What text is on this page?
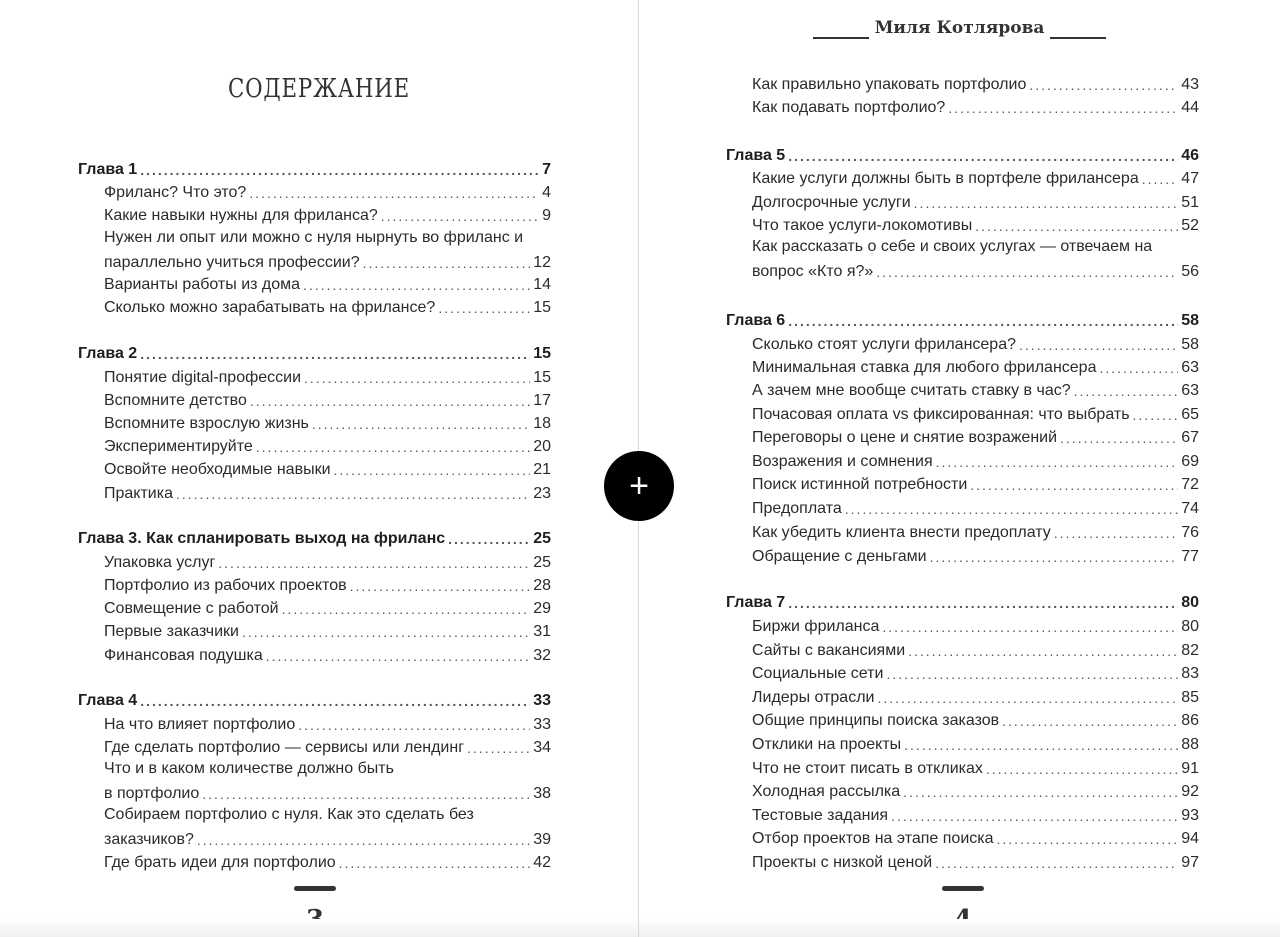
СОДЕРЖАНИЕ
Глава 1 .....	7
Фриланс? Что это? .....	4
Какие навыки нужны для фриланса? .....	9
Нужен ли опыт или можно с нуля нырнуть во фриланс и
параллельно учиться профессии? .....	12
Варианты работы из дома .....	14
Сколько можно зарабатывать на фрилансе? .....	15
Глава 2 .....	15
Понятие digital-профессии .....	15
Вспомните детство .....	17
Вспомните взрослую жизнь .....	18
Экспериментируйте .....	20
Освойте необходимые навыки .....	21
Практика .....	23
Глава 3. Как спланировать выход на фриланс .....	25
Упаковка услуг .....	25
Портфолио из рабочих проектов .....	28
Совмещение с работой .....	29
Первые заказчики .....	31
Финансовая подушка .....	32
Глава 4 .....	33
На что влияет портфолио .....	33
Где сделать портфолио — сервисы или лендинг .....	34
Что и в каком количестве должно быть
в портфолио .....	38
Собираем портфолио с нуля. Как это сделать без
заказчиков? .....	39
Где брать идеи для портфолио .....	42
Миля Котлярова
Как правильно упаковать портфолио .....	43
Как подавать портфолио? .....	44
Глава 5 .....	46
Какие услуги должны быть в портфеле фрилансера .....	47
Долгосрочные услуги .....	51
Что такое услуги-локомотивы .....	52
Как рассказать о себе и своих услугах — отвечаем на
вопрос «Кто я?» .....	56
Глава 6 .....	58
Сколько стоят услуги фрилансера? .....	58
Минимальная ставка для любого фрилансера .....	63
А зачем мне вообще считать ставку в час? .....	63
Почасовая оплата vs фиксированная: что выбрать .....	65
Переговоры о цене и снятие возражений .....	67
Возражения и сомнения .....	69
Поиск истинной потребности .....	72
Предоплата .....	74
Как убедить клиента внести предоплату .....	76
Обращение с деньгами .....	77
Глава 7 .....	80
Биржи фриланса .....	80
Сайты с вакансиями .....	82
Социальные сети .....	83
Лидеры отрасли .....	85
Общие принципы поиска заказов .....	86
Отклики на проекты .....	88
Что не стоит писать в откликах .....	91
Холодная рассылка .....	92
Тестовые задания .....	93
Отбор проектов на этапе поиска .....	94
Проекты с низкой ценой .....	97
+
